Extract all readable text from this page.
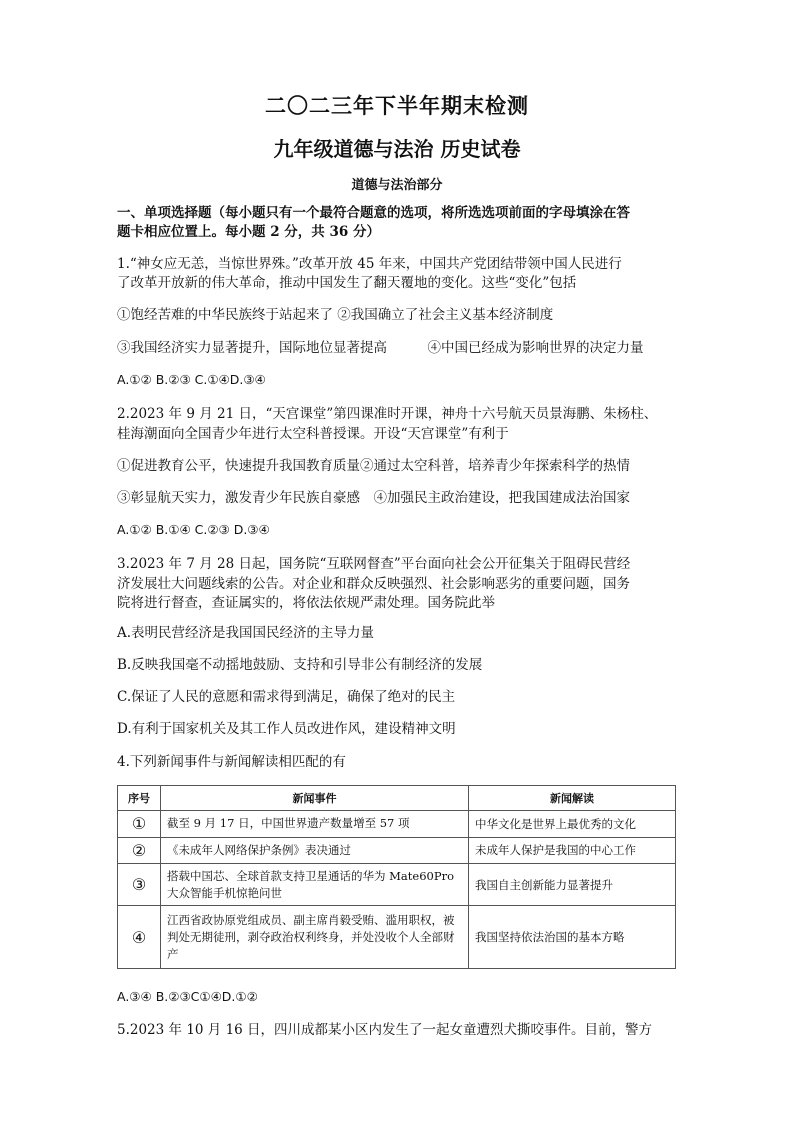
二〇二三年下半年期末检测
九年级道德与法治 历史试卷
道德与法治部分
一、单项选择题（每小题只有一个最符合题意的选项，将所选选项前面的字母填涂在答
题卡相应位置上。每小题 2 分，共 36 分）
1.“神女应无恙，当惊世界殊。”改革开放 45 年来，中国共产党团结带领中国人民进行
了改革开放新的伟大革命，推动中国发生了翻天覆地的变化。这些“变化”包括
①饱经苦难的中华民族终于站起来了 ②我国确立了社会主义基本经济制度
③我国经济实力显著提升，国际地位显著提高　　　④中国已经成为影响世界的决定力量
A.①② B.②③ C.①④D.③④
2.2023 年 9 月 21 日，“天宫课堂”第四课准时开课，神舟十六号航天员景海鹏、朱杨柱、
桂海潮面向全国青少年进行太空科普授课。开设“天宫课堂”有利于
①促进教育公平，快速提升我国教育质量②通过太空科普，培养青少年探索科学的热情
③彰显航天实力，激发青少年民族自豪感　④加强民主政治建设，把我国建成法治国家
A.①② B.①④ C.②③ D.③④
3.2023 年 7 月 28 日起，国务院“互联网督查”平台面向社会公开征集关于阻碍民营经
济发展壮大问题线索的公告。对企业和群众反映强烈、社会影响恶劣的重要问题，国务
院将进行督查，查证属实的，将依法依规严肃处理。国务院此举
A.表明民营经济是我国国民经济的主导力量
B.反映我国毫不动摇地鼓励、支持和引导非公有制经济的发展
C.保证了人民的意愿和需求得到满足，确保了绝对的民主
D.有利于国家机关及其工作人员改进作风，建设精神文明
4.下列新闻事件与新闻解读相匹配的有
序号	新闻事件	新闻解读
①	截至 9 月 17 日，中国世界遗产数量增至 57 项	中华文化是世界上最优秀的文化
②	《未成年人网络保护条例》表决通过	未成年人保护是我国的中心工作
③	搭载中国芯、全球首款支持卫星通话的华为 Mate60Pro 大众智能手机惊艳问世	我国自主创新能力显著提升
④	江西省政协原党组成员、副主席肖毅受贿、滥用职权，被判处无期徒刑，剥夺政治权利终身，并处没收个人全部财产	我国坚持依法治国的基本方略
A.③④ B.②③C①④D.①②
5.2023 年 10 月 16 日，四川成都某小区内发生了一起女童遭烈犬撕咬事件。目前，警方
